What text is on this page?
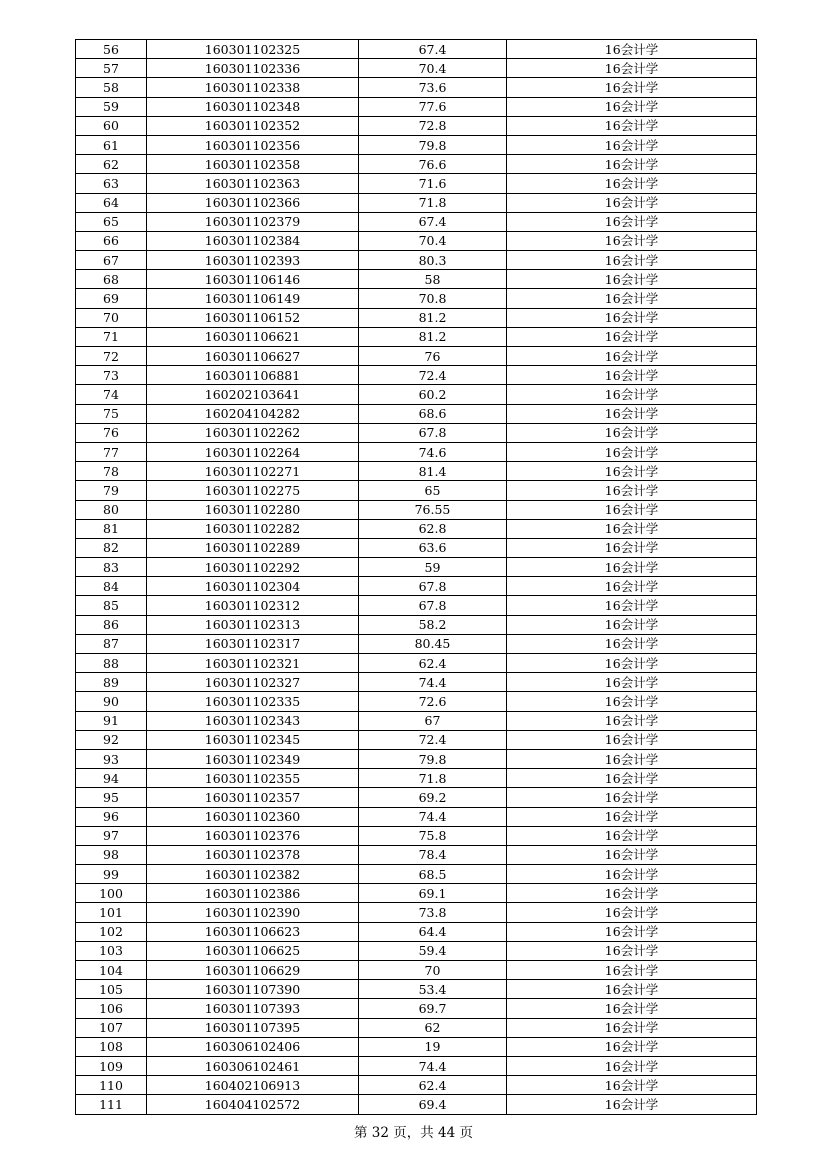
56	160301102325	67.4	16会计学
57	160301102336	70.4	16会计学
58	160301102338	73.6	16会计学
59	160301102348	77.6	16会计学
60	160301102352	72.8	16会计学
61	160301102356	79.8	16会计学
62	160301102358	76.6	16会计学
63	160301102363	71.6	16会计学
64	160301102366	71.8	16会计学
65	160301102379	67.4	16会计学
66	160301102384	70.4	16会计学
67	160301102393	80.3	16会计学
68	160301106146	58	16会计学
69	160301106149	70.8	16会计学
70	160301106152	81.2	16会计学
71	160301106621	81.2	16会计学
72	160301106627	76	16会计学
73	160301106881	72.4	16会计学
74	160202103641	60.2	16会计学
75	160204104282	68.6	16会计学
76	160301102262	67.8	16会计学
77	160301102264	74.6	16会计学
78	160301102271	81.4	16会计学
79	160301102275	65	16会计学
80	160301102280	76.55	16会计学
81	160301102282	62.8	16会计学
82	160301102289	63.6	16会计学
83	160301102292	59	16会计学
84	160301102304	67.8	16会计学
85	160301102312	67.8	16会计学
86	160301102313	58.2	16会计学
87	160301102317	80.45	16会计学
88	160301102321	62.4	16会计学
89	160301102327	74.4	16会计学
90	160301102335	72.6	16会计学
91	160301102343	67	16会计学
92	160301102345	72.4	16会计学
93	160301102349	79.8	16会计学
94	160301102355	71.8	16会计学
95	160301102357	69.2	16会计学
96	160301102360	74.4	16会计学
97	160301102376	75.8	16会计学
98	160301102378	78.4	16会计学
99	160301102382	68.5	16会计学
100	160301102386	69.1	16会计学
101	160301102390	73.8	16会计学
102	160301106623	64.4	16会计学
103	160301106625	59.4	16会计学
104	160301106629	70	16会计学
105	160301107390	53.4	16会计学
106	160301107393	69.7	16会计学
107	160301107395	62	16会计学
108	160306102406	19	16会计学
109	160306102461	74.4	16会计学
110	160402106913	62.4	16会计学
111	160404102572	69.4	16会计学
第 32 页，共 44 页
